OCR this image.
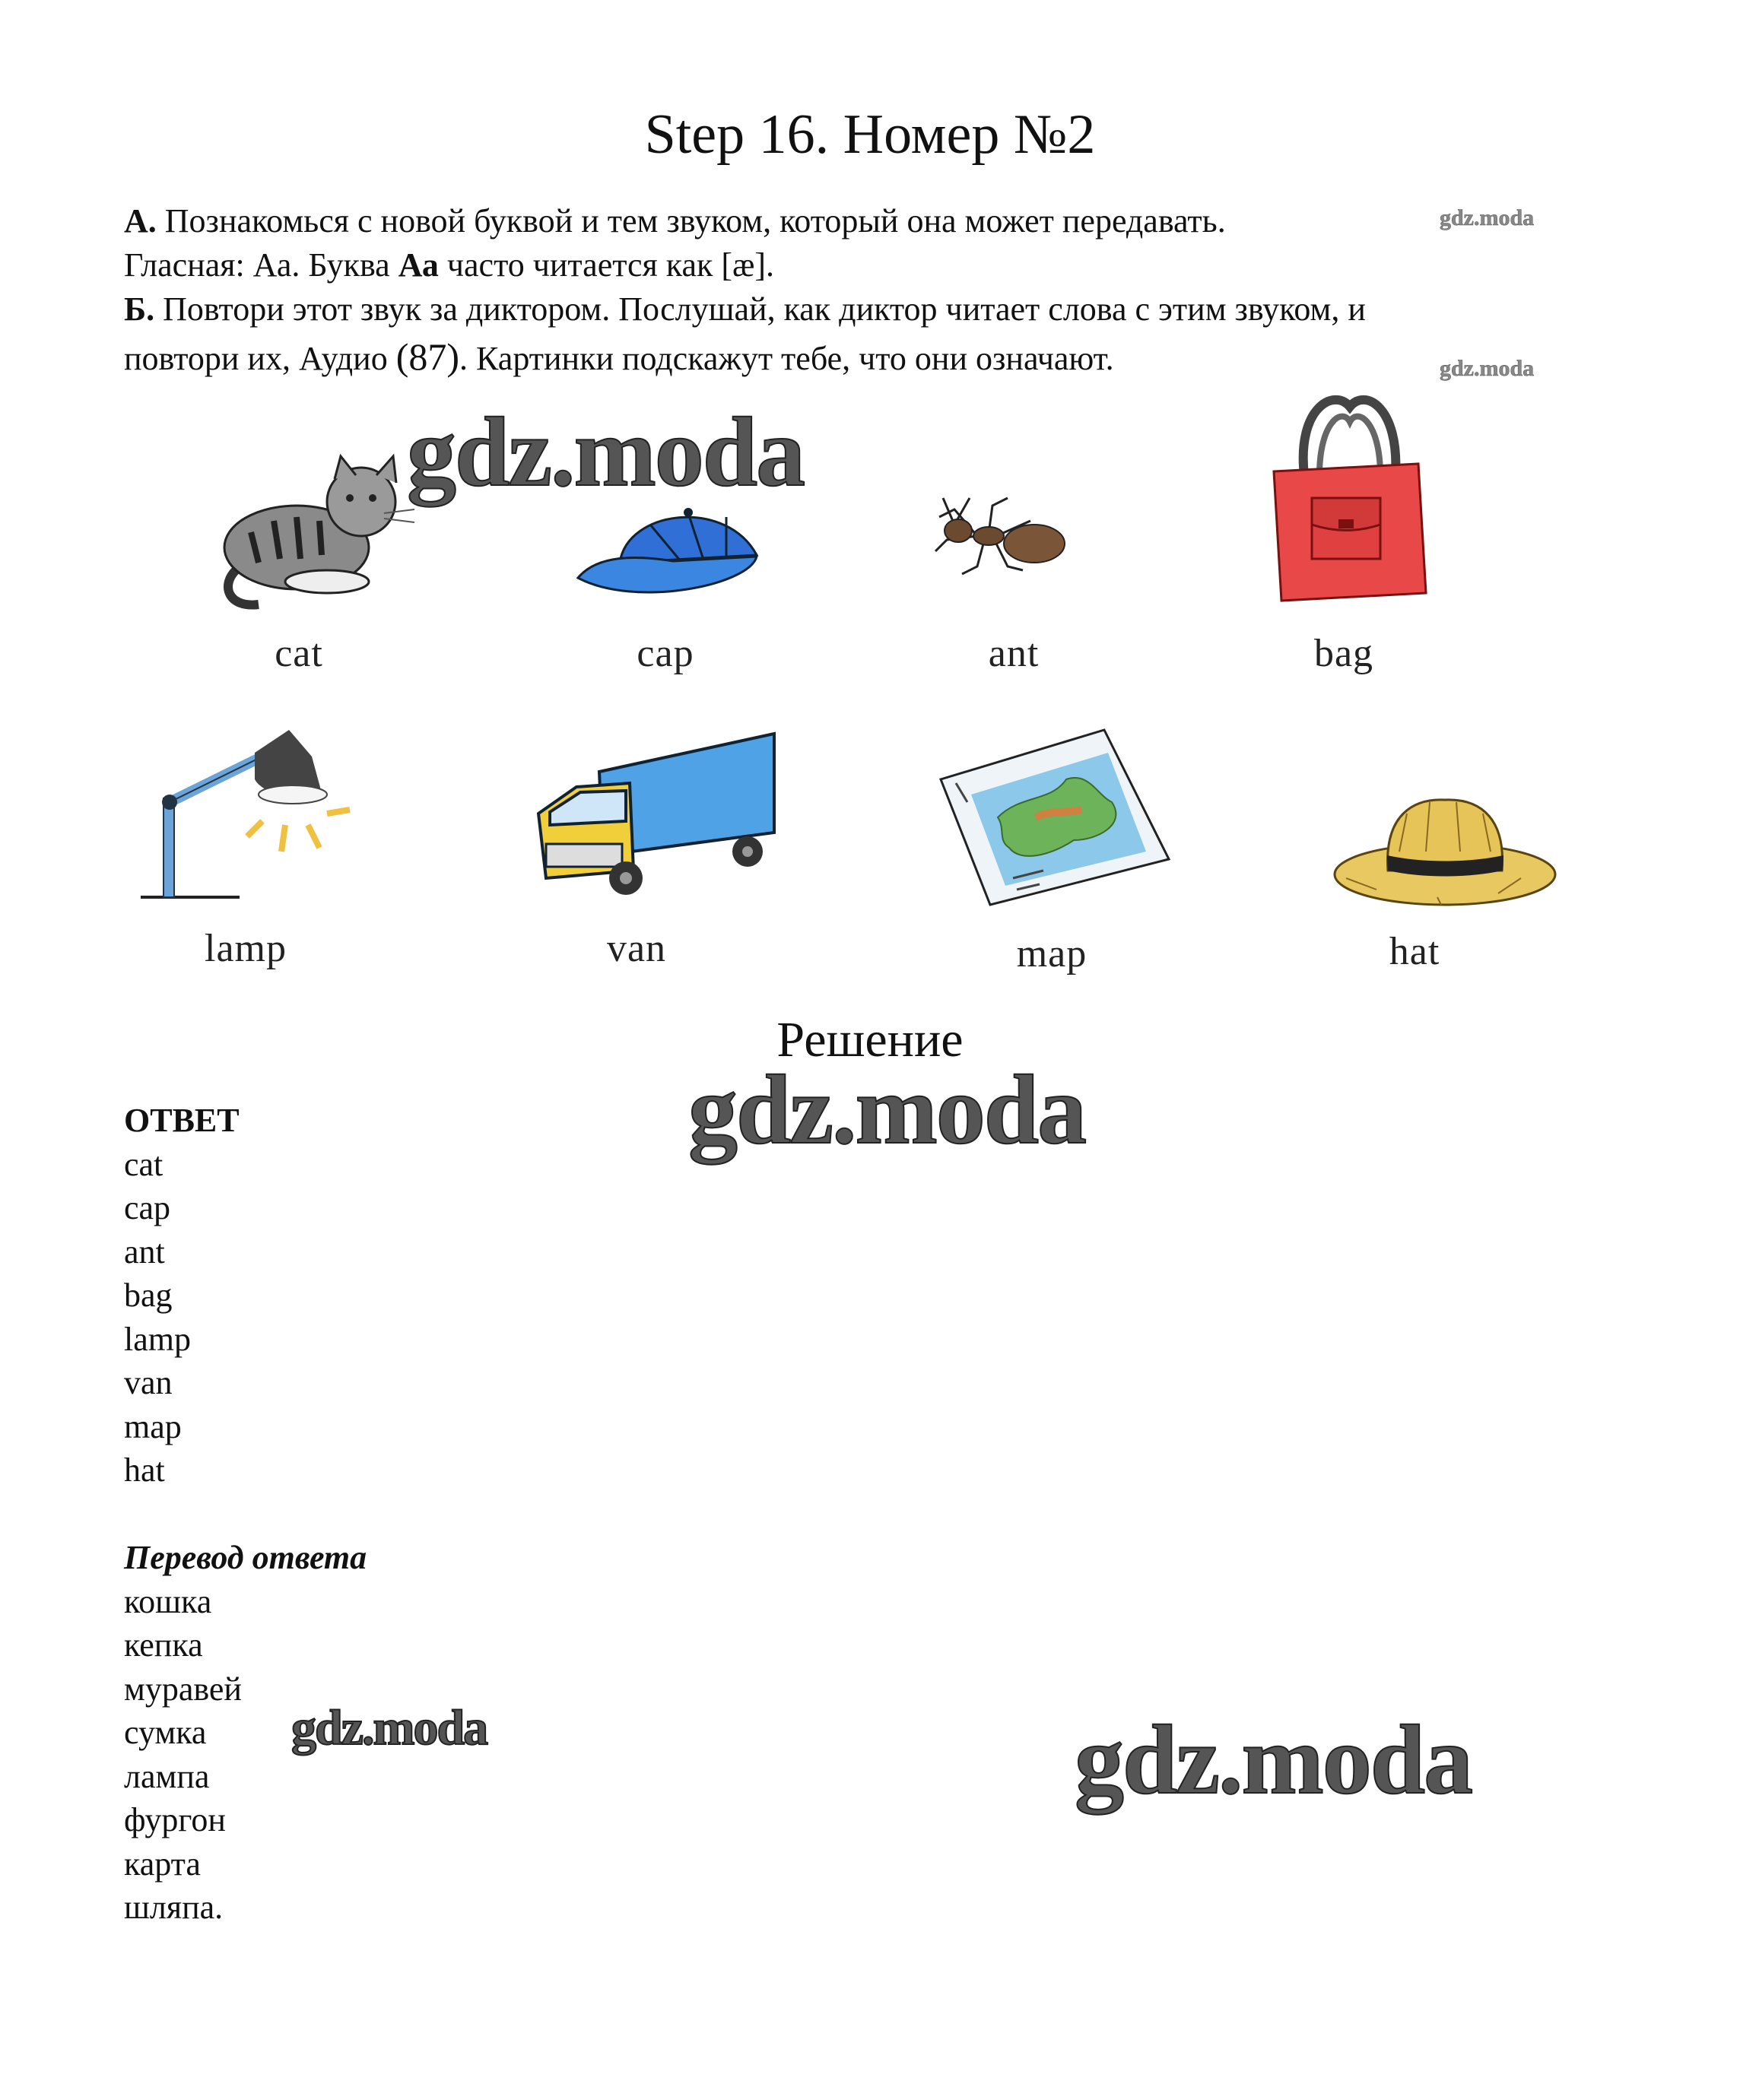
Step 16. Номер №2
А. Познакомься с новой буквой и тем звуком, который она может передавать.
Гласная: Аа. Буква Аа часто читается как [æ].
Б. Повтори этот звук за диктором. Послушай, как диктор читает слова с этим звуком, и
повтори их, Аудио (87). Картинки подскажут тебе, что они означают.
gdz.moda
gdz.moda
cat	cap	ant	bag
lamp	van	map	hat
gdz.moda
gdz.moda
gdz.moda
gdz.moda
Решение
ОТВЕТ
cat
cap
ant
bag
lamp
van
map
hat
Перевод ответа
кошка
кепка
муравей
сумка
лампа
фургон
карта
шляпа.
